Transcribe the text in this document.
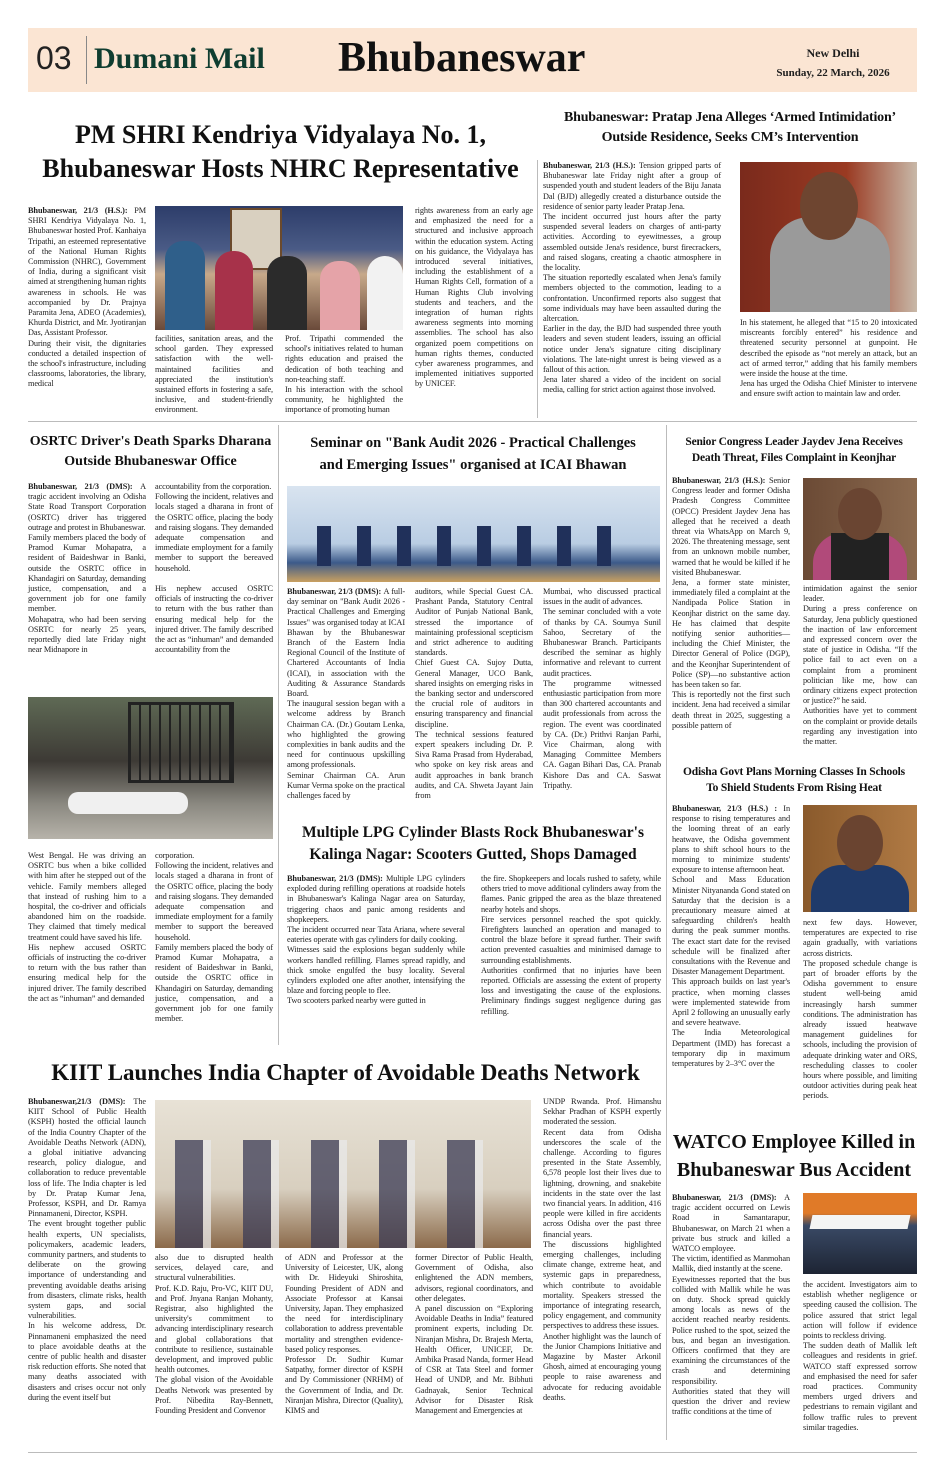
03 Dumani Mail Bhubaneswar	New Delhi
Sunday, 22 March, 2026
PM SHRI Kendriya Vidyalaya No. 1,
Bhubaneswar Hosts NHRC Representative

Bhubaneswar, 21/3 (H.S.): PM SHRI Kendriya Vidyalaya No. 1, Bhubaneswar hosted Prof. Kanhaiya Tripathi, an esteemed representative of the National Human Rights Commission (NHRC), Government of India, during a significant visit aimed at strengthening human rights awareness in schools. He was accompanied by Dr. Prajnya Paramita Jena, ADEO (Academies), Khurda District, and Mr. Jyotiranjan Das, Assistant Professor.

During their visit, the dignitaries conducted a detailed inspection of the school's infrastructure, including classrooms, laboratories, the library, medical

facilities, sanitation areas, and the school garden. They expressed satisfaction with the well-maintained facilities and appreciated the institution's sustained efforts in fostering a safe, inclusive, and student-friendly environment.

Prof. Tripathi commended the school's initiatives related to human rights education and praised the dedication of both teaching and non-teaching staff.

In his interaction with the school community, he highlighted the importance of promoting human

rights awareness from an early age and emphasized the need for a structured and inclusive approach within the education system. Acting on his guidance, the Vidyalaya has introduced several initiatives, including the establishment of a Human Rights Cell, formation of a Human Rights Club involving students and teachers, and the integration of human rights awareness segments into morning assemblies. The school has also organized poem competitions on human rights themes, conducted cyber awareness programmes, and implemented initiatives supported by UNICEF.

Bhubaneswar: Pratap Jena Alleges ‘Armed Intimidation’
Outside Residence, Seeks CM’s Intervention

Bhubaneswar, 21/3 (H.S.): Tension gripped parts of Bhubaneswar late Friday night after a group of suspended youth and student leaders of the Biju Janata Dal (BJD) allegedly created a disturbance outside the residence of senior party leader Pratap Jena.

The incident occurred just hours after the party suspended several leaders on charges of anti-party activities. According to eyewitnesses, a group assembled outside Jena's residence, burst firecrackers, and raised slogans, creating a chaotic atmosphere in the locality.

The situation reportedly escalated when Jena's family members objected to the commotion, leading to a confrontation. Unconfirmed reports also suggest that some individuals may have been assaulted during the altercation.

Earlier in the day, the BJD had suspended three youth leaders and seven student leaders, issuing an official notice under Jena's signature citing disciplinary violations. The late-night unrest is being viewed as a fallout of this action.

Jena later shared a video of the incident on social media, calling for strict action against those involved.

In his statement, he alleged that “15 to 20 intoxicated miscreants forcibly entered” his residence and threatened security personnel at gunpoint. He described the episode as “not merely an attack, but an act of armed terror,” adding that his family members were inside the house at the time.

Jena has urged the Odisha Chief Minister to intervene and ensure swift action to maintain law and order.

OSRTC Driver's Death Sparks Dharana
Outside Bhubaneswar Office

Bhubaneswar, 21/3 (DMS): A tragic accident involving an Odisha State Road Transport Corporation (OSRTC) driver has triggered outrage and protest in Bhubaneswar.

Family members placed the body of Pramod Kumar Mohapatra, a resident of Baideshwar in Banki, outside the OSRTC office in Khandagiri on Saturday, demanding justice, compensation, and a government job for one family member.

Mohapatra, who had been serving OSRTC for nearly 25 years, reportedly died late Friday night near Midnapore in

accountability from the corporation.

Following the incident, relatives and locals staged a dharana in front of the OSRTC office, placing the body and raising slogans. They demanded adequate compensation and immediate employment for a family member to support the bereaved household.

His nephew accused OSRTC officials of instructing the co-driver to return with the bus rather than ensuring medical help for the injured driver. The family described the act as “inhuman” and demanded accountability from the

West Bengal. He was driving an OSRTC bus when a bike collided with him after he stepped out of the vehicle. Family members alleged that instead of rushing him to a hospital, the co-driver and officials abandoned him on the roadside. They claimed that timely medical treatment could have saved his life.

His nephew accused OSRTC officials of instructing the co-driver to return with the bus rather than ensuring medical help for the injured driver. The family described the act as “inhuman” and demanded

corporation.

Following the incident, relatives and locals staged a dharana in front of the OSRTC office, placing the body and raising slogans. They demanded adequate compensation and immediate employment for a family member to support the bereaved household.

Family members placed the body of Pramod Kumar Mohapatra, a resident of Baideshwar in Banki, outside the OSRTC office in Khandagiri on Saturday, demanding justice, compensation, and a government job for one family member.

Seminar on "Bank Audit 2026 - Practical Challenges
and Emerging Issues" organised at ICAI Bhawan

Bhubaneswar, 21/3 (DMS): A full-day seminar on "Bank Audit 2026 - Practical Challenges and Emerging Issues" was organised today at ICAI Bhawan by the Bhubaneswar Branch of the Eastern India Regional Council of the Institute of Chartered Accountants of India (ICAI), in association with the Auditing & Assurance Standards Board.

The inaugural session began with a welcome address by Branch Chairman CA. (Dr.) Goutam Lenka, who highlighted the growing complexities in bank audits and the need for continuous upskilling among professionals.

Seminar Chairman CA. Arun Kumar Verma spoke on the practical challenges faced by

auditors, while Special Guest CA. Prashant Panda, Statutory Central Auditor of Punjab National Bank, stressed the importance of maintaining professional scepticism and strict adherence to auditing standards.

Chief Guest CA. Sujoy Dutta, General Manager, UCO Bank, shared insights on emerging risks in the banking sector and underscored the crucial role of auditors in ensuring transparency and financial discipline.

The technical sessions featured expert speakers including Dr. P. Siva Rama Prasad from Hyderabad, who spoke on key risk areas and audit approaches in bank branch audits, and CA. Shweta Jayant Jain from

Mumbai, who discussed practical issues in the audit of advances.

The seminar concluded with a vote of thanks by CA. Soumya Sunil Sahoo, Secretary of the Bhubaneswar Branch. Participants described the seminar as highly informative and relevant to current audit practices.

The programme witnessed enthusiastic participation from more than 300 chartered accountants and audit professionals from across the region. The event was coordinated by CA. (Dr.) Prithvi Ranjan Parhi, Vice Chairman, along with Managing Committee Members CA. Gagan Bihari Das, CA. Pranab Kishore Das and CA. Saswat Tripathy.

Senior Congress Leader Jaydev Jena Receives
Death Threat, Files Complaint in Keonjhar

Bhubaneswar, 21/3 (H.S.): Senior Congress leader and former Odisha Pradesh Congress Committee (OPCC) President Jaydev Jena has alleged that he received a death threat via WhatsApp on March 9, 2026. The threatening message, sent from an unknown mobile number, warned that he would be killed if he visited Bhubaneswar.

Jena, a former state minister, immediately filed a complaint at the Nandipada Police Station in Keonjhar district on the same day. He has claimed that despite notifying senior authorities—including the Chief Minister, the Director General of Police (DGP), and the Keonjhar Superintendent of Police (SP)—no substantive action has been taken so far.

This is reportedly not the first such incident. Jena had received a similar death threat in 2025, suggesting a possible pattern of

intimidation against the senior leader.

During a press conference on Saturday, Jena publicly questioned the inaction of law enforcement and expressed concern over the state of justice in Odisha. “If the police fail to act even on a complaint from a prominent politician like me, how can ordinary citizens expect protection or justice?” he said.

Authorities have yet to comment on the complaint or provide details regarding any investigation into the matter.

Odisha Govt Plans Morning Classes In Schools
To Shield Students From Rising Heat

Bhubaneswar, 21/3 (H.S.) : In response to rising temperatures and the looming threat of an early heatwave, the Odisha government plans to shift school hours to the morning to minimize students' exposure to intense afternoon heat.

School and Mass Education Minister Nityananda Gond stated on Saturday that the decision is a precautionary measure aimed at safeguarding children's health during the peak summer months. The exact start date for the revised schedule will be finalized after consultations with the Revenue and Disaster Management Department.

This approach builds on last year's practice, when morning classes were implemented statewide from April 2 following an unusually early and severe heatwave.

The India Meteorological Department (IMD) has forecast a temporary dip in maximum temperatures by 2–3°C over the

next few days. However, temperatures are expected to rise again gradually, with variations across districts.

The proposed schedule change is part of broader efforts by the Odisha government to ensure student well-being amid increasingly harsh summer conditions. The administration has already issued heatwave management guidelines for schools, including the provision of adequate drinking water and ORS, rescheduling classes to cooler hours where possible, and limiting outdoor activities during peak heat periods.

Multiple LPG Cylinder Blasts Rock Bhubaneswar's
Kalinga Nagar: Scooters Gutted, Shops Damaged

Bhubaneswar, 21/3 (DMS): Multiple LPG cylinders exploded during refilling operations at roadside hotels in Bhubaneswar's Kalinga Nagar area on Saturday, triggering chaos and panic among residents and shopkeepers.

The incident occurred near Tata Ariana, where several eateries operate with gas cylinders for daily cooking.

Witnesses said the explosions began suddenly while workers handled refilling. Flames spread rapidly, and thick smoke engulfed the busy locality. Several cylinders exploded one after another, intensifying the blaze and forcing people to flee.

Two scooters parked nearby were gutted in

the fire. Shopkeepers and locals rushed to safety, while others tried to move additional cylinders away from the flames. Panic gripped the area as the blaze threatened nearby hotels and shops.

Fire services personnel reached the spot quickly. Firefighters launched an operation and managed to control the blaze before it spread further. Their swift action prevented casualties and minimised damage to surrounding establishments.

Authorities confirmed that no injuries have been reported. Officials are assessing the extent of property loss and investigating the cause of the explosions. Preliminary findings suggest negligence during gas refilling.

KIIT Launches India Chapter of Avoidable Deaths Network

Bhubaneswar,21/3 (DMS): The KIIT School of Public Health (KSPH) hosted the official launch of the India Country Chapter of the Avoidable Deaths Network (ADN), a global initiative advancing research, policy dialogue, and collaboration to reduce preventable loss of life. The India chapter is led by Dr. Pratap Kumar Jena, Professor, KSPH, and Dr. Ramya Pinnamaneni, Director, KSPH.

The event brought together public health experts, UN specialists, policymakers, academic leaders, community partners, and students to deliberate on the growing importance of understanding and preventing avoidable deaths arising from disasters, climate risks, health system gaps, and social vulnerabilities.

In his welcome address, Dr. Pinnamaneni emphasized the need to place avoidable deaths at the centre of public health and disaster risk reduction efforts. She noted that many deaths associated with disasters and crises occur not only during the event itself but

also due to disrupted health services, delayed care, and structural vulnerabilities.

Prof. K.D. Raju, Pro-VC, KIIT DU, and Prof. Jnyana Ranjan Mohanty, Registrar, also highlighted the university's commitment to advancing interdisciplinary research and global collaborations that contribute to resilience, sustainable development, and improved public health outcomes.

The global vision of the Avoidable Deaths Network was presented by Prof. Nibedita Ray-Bennett, Founding President and Convenor

of ADN and Professor at the University of Leicester, UK, along with Dr. Hideyuki Shiroshita, Founding President of ADN and Associate Professor at Kansai University, Japan. They emphasized the need for interdisciplinary collaboration to address preventable mortality and strengthen evidence-based policy responses.

Professor Dr. Sudhir Kumar Satpathy, former director of KSPH and Dy Commissioner (NRHM) of the Government of India, and Dr. Niranjan Mishra, Director (Quality), KIMS and

former Director of Public Health, Government of Odisha, also enlightened the ADN members, advisors, regional coordinators, and other delegates.

A panel discussion on “Exploring Avoidable Deaths in India” featured prominent experts, including Dr. Niranjan Mishra, Dr. Brajesh Merta, Health Officer, UNICEF, Dr. Ambika Prasad Nanda, former Head of CSR at Tata Steel and former Head of UNDP, and Mr. Bibhuti Gadnayak, Senior Technical Advisor for Disaster Risk Management and Emergencies at

UNDP Rwanda. Prof. Himanshu Sekhar Pradhan of KSPH expertly moderated the session.

Recent data from Odisha underscores the scale of the challenge. According to figures presented in the State Assembly, 6,578 people lost their lives due to lightning, drowning, and snakebite incidents in the state over the last two financial years. In addition, 416 people were killed in fire accidents across Odisha over the past three financial years.

The discussions highlighted emerging challenges, including climate change, extreme heat, and systemic gaps in preparedness, which contribute to avoidable mortality. Speakers stressed the importance of integrating research, policy engagement, and community perspectives to address these issues.

Another highlight was the launch of the Junior Champions Initiative and Magazine by Master Arkonil Ghosh, aimed at encouraging young people to raise awareness and advocate for reducing avoidable deaths.

WATCO Employee Killed in
Bhubaneswar Bus Accident

Bhubaneswar, 21/3 (DMS): A tragic accident occurred on Lewis Road in Samantarapur, Bhubaneswar, on March 21 when a private bus struck and killed a WATCO employee.

The victim, identified as Manmohan Mallik, died instantly at the scene.

Eyewitnesses reported that the bus collided with Mallik while he was on duty. Shock spread quickly among locals as news of the accident reached nearby residents. Police rushed to the spot, seized the bus, and began an investigation. Officers confirmed that they are examining the circumstances of the crash and determining responsibility.

Authorities stated that they will question the driver and review traffic conditions at the time of

the accident. Investigators aim to establish whether negligence or speeding caused the collision. The police assured that strict legal action will follow if evidence points to reckless driving.

The sudden death of Mallik left colleagues and residents in grief. WATCO staff expressed sorrow and emphasised the need for safer road practices. Community members urged drivers and pedestrians to remain vigilant and follow traffic rules to prevent similar tragedies.
